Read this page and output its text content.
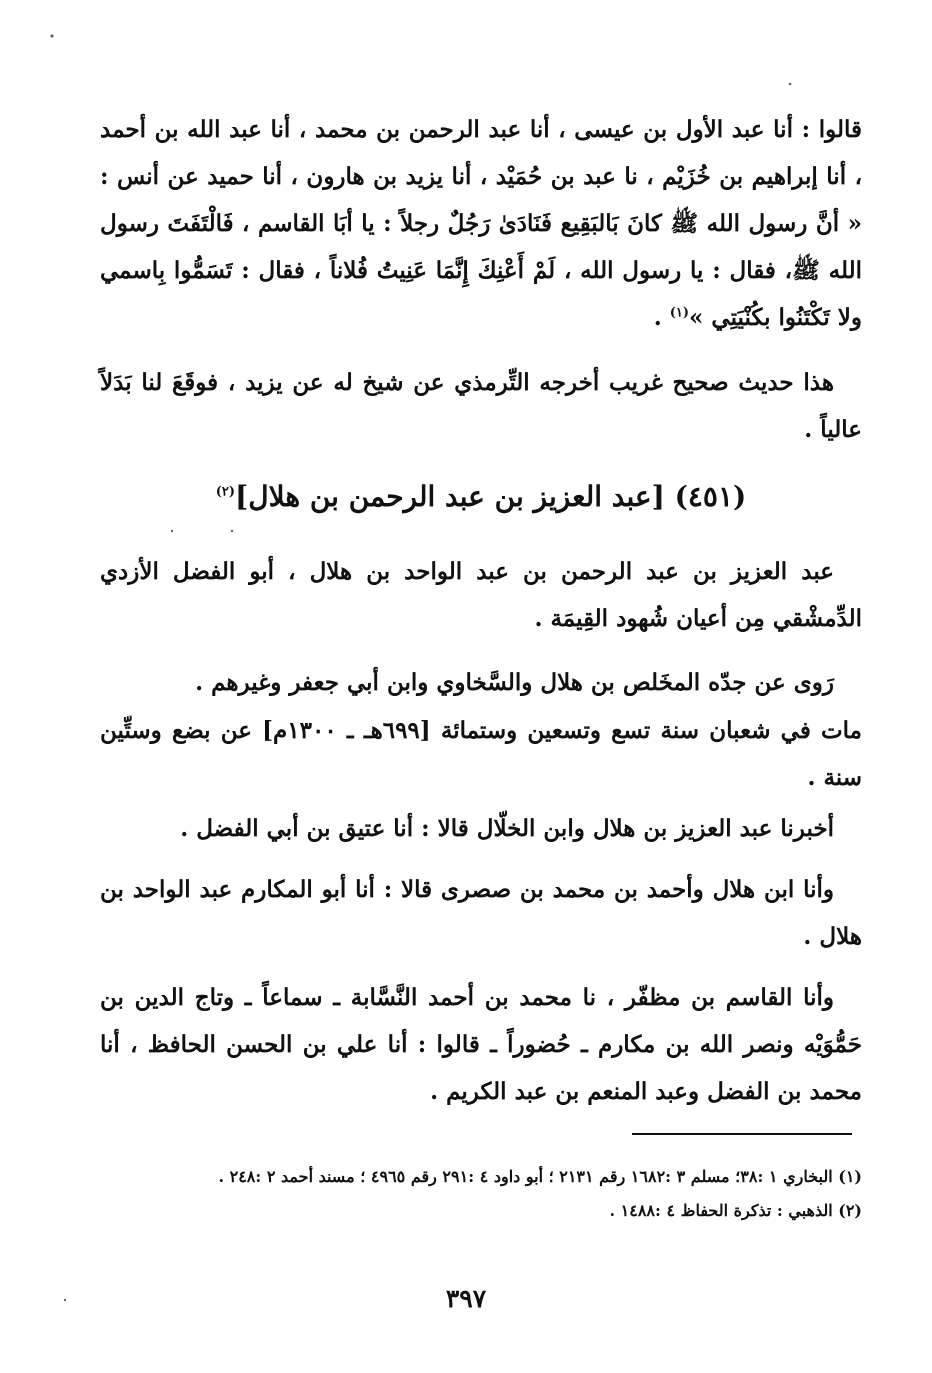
قالوا : أنا عبد الأول بن عيسى ، أنا عبد الرحمن بن محمد ، أنا عبد الله بن أحمد ، أنا إبراهيم بن خُزَيْم ، نا عبد بن حُمَيْد ، أنا يزيد بن هارون ، أنا حميد عن أنس : « أنَّ رسول الله ﷺ كانَ بَالبَقِيع فَنَادَىٰ رَجُلٌ رجلاً : يا أبَا القاسم ، فَالْتَفَتَ رسول الله ﷺ، فقال : يا رسول الله ، لَمْ أَعْنِكَ إِنَّمَا عَنِيتُ فُلاناً ، فقال : تَسَمُّوا بِاسمي ولا تَكْتَنُوا بكُنْيَتِي »$^{(١)}$ .
هذا حديث صحيح غريب أخرجه التِّرمذي عن شيخ له عن يزيد ، فوقَعَ لنا بَدَلاً عالياً .
(٤٥١) [عبد العزيز بن عبد الرحمن بن هلال]$^{(٢)}$
عبد العزيز بن عبد الرحمن بن عبد الواحد بن هلال ، أبو الفضل الأزدي الدِّمشْقي مِن أعيان شُهود القِيمَة .
رَوى عن جدّه المخَلص بن هلال والسَّخاوي وابن أبي جعفر وغيرهم .
مات في شعبان سنة تسع وتسعين وستمائة [٦٩٩هـ ـ ١٣٠٠م] عن بضع وستِّين سنة .
أخبرنا عبد العزيز بن هلال وابن الخلّال قالا : أنا عتيق بن أبي الفضل .
وأنا ابن هلال وأحمد بن محمد بن صصرى قالا : أنا أبو المكارم عبد الواحد بن هلال .
وأنا القاسم بن مظفّر ، نا محمد بن أحمد النَّسَّابة ـ سماعاً ـ وتاج الدين بن حَمُّوَيْه ونصر الله بن مكارم ـ حُضوراً ـ قالوا : أنا علي بن الحسن الحافظ ، أنا محمد بن الفضل وعبد المنعم بن عبد الكريم .
(١) البخاري ١ :٣٨؛ مسلم ٣ :١٦٨٢ رقم ٢١٣١ ؛ أبو داود ٤ :٢٩١ رقم ٤٩٦٥ ؛ مسند أحمد ٢ :٢٤٨ .
(٢) الذهبي : تذكرة الحفاظ ٤ :١٤٨٨ .
٣٩٧
